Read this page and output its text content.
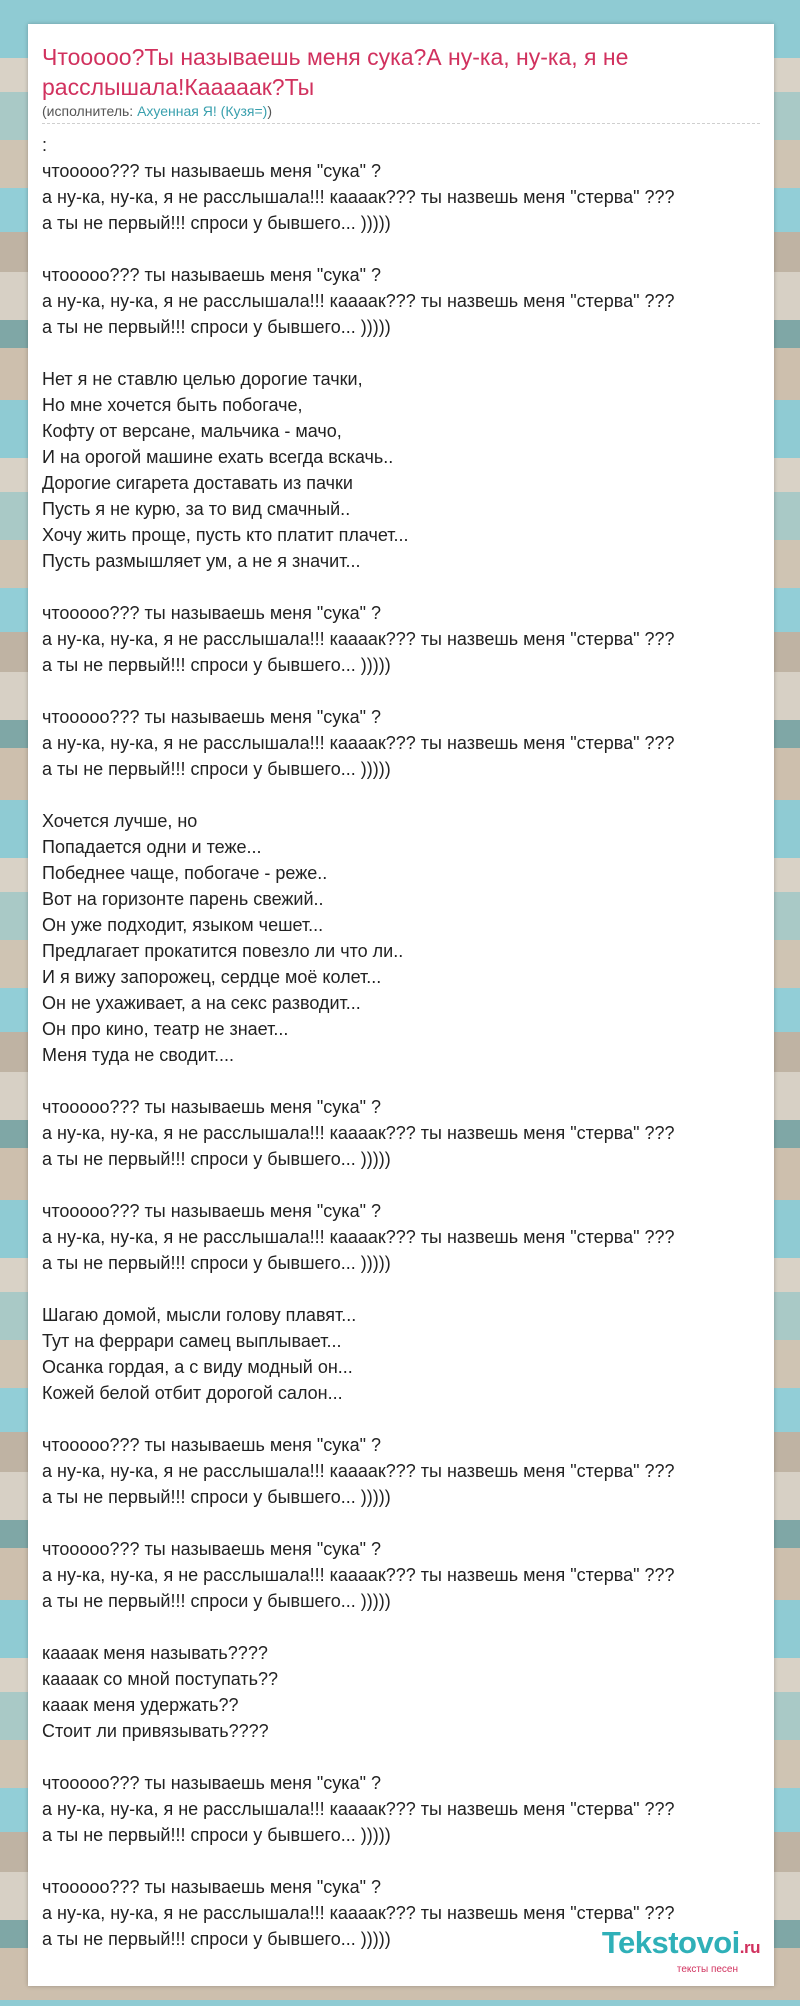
Чтооооо?Ты называешь меня сука?А ну-ка, ну-ка, я не расслышала!Кааааак?Ты
(исполнитель: Ахуенная Я! (Кузя=))
:
чтооооо??? ты называешь меня "сука" ?
а ну-ка, ну-ка, я не расслышала!!! кааaак??? ты назвешь меня "стерва" ???
а ты не первый!!! спроси у бывшего... )))))
чтооооо??? ты называешь меня "сука" ?
а ну-ка, ну-ка, я не расслышала!!! кааaак??? ты назвешь меня "стерва" ???
а ты не первый!!! спроси у бывшего... )))))
Нет я не ставлю целью дорогие тачки,
Но мне хочется быть побогаче,
Кофту от версане, мальчика - мачо,
И на орогой машине ехать всегда вскачь..
Дорогие сигарета доставать из пачки
Пусть я не курю, за то вид смачный..
Хочу жить проще, пусть кто платит плачет...
Пусть размышляет ум, а не я значит...
чтооооо??? ты называешь меня "сука" ?
а ну-ка, ну-ка, я не расслышала!!! кааaак??? ты назвешь меня "стерва" ???
а ты не первый!!! спроси у бывшего... )))))
чтооооо??? ты называешь меня "сука" ?
а ну-ка, ну-ка, я не расслышала!!! кааaак??? ты назвешь меня "стерва" ???
а ты не первый!!! спроси у бывшего... )))))
Хочется лучше, но
Попадается одни и теже...
Победнее чаще, побогаче - реже..
Вот на горизонте парень свежий..
Он уже подходит, языком чешет...
Предлагает прокатится повезло ли что ли..
И я вижу запорожец, сердце моё колет...
Он не ухаживает, а на секс разводит...
Он про кино, театр не знает...
Меня туда не сводит....
чтооооо??? ты называешь меня "сука" ?
а ну-ка, ну-ка, я не расслышала!!! кааaак??? ты назвешь меня "стерва" ???
а ты не первый!!! спроси у бывшего... )))))
чтооооо??? ты называешь меня "сука" ?
а ну-ка, ну-ка, я не расслышала!!! кааaак??? ты назвешь меня "стерва" ???
а ты не первый!!! спроси у бывшего... )))))
Шагаю домой, мысли голову плавят...
Тут на феррари самец выплывает...
Осанка гордая, а с виду модный он...
Кожей белой отбит дорогой салон...
чтооооо??? ты называешь меня "сука" ?
а ну-ка, ну-ка, я не расслышала!!! кааaак??? ты назвешь меня "стерва" ???
а ты не первый!!! спроси у бывшего... )))))
чтооооо??? ты называешь меня "сука" ?
а ну-ка, ну-ка, я не расслышала!!! кааaак??? ты назвешь меня "стерва" ???
а ты не первый!!! спроси у бывшего... )))))
кааaак меня называть????
кааaак со мной поступать??
кааак меня удержать??
Стоит ли привязывать????
чтооооо??? ты называешь меня "сука" ?
а ну-ка, ну-ка, я не расслышала!!! кааaак??? ты назвешь меня "стерва" ???
а ты не первый!!! спроси у бывшего... )))))
чтооооо??? ты называешь меня "сука" ?
а ну-ка, ну-ка, я не расслышала!!! кааaак??? ты назвешь меня "стерва" ???
а ты не первый!!! спроси у бывшего... )))))	Tekstovoi.ru
тексты песен
